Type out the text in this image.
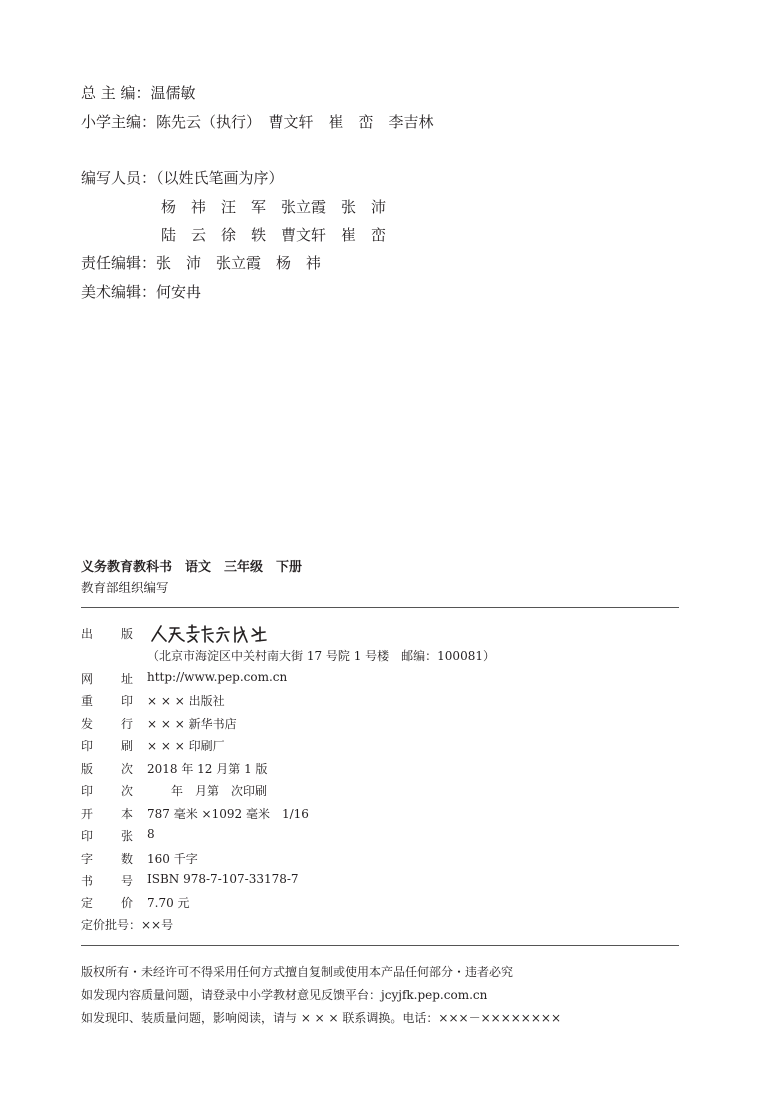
总 主 编：温儒敏
小学主编：陈先云（执行）　曹文轩　崔　峦　李吉林
编写人员：（以姓氏笔画为序）
杨　祎　汪　军　张立霞　张　沛
陆　云　徐　轶　曹文轩　崔　峦
责任编辑：张　沛　张立霞　杨　祎
美术编辑：何安冉
义务教育教科书　语文　三年级　下册
教育部组织编写
出 版
（北京市海淀区中关村南大街 17 号院 1 号楼　邮编：100081）
网 址 http://www.pep.com.cn
重 印 × × × 出版社
发 行 × × × 新华书店
印 刷 × × × 印刷厂
版 次 2018 年 12 月第 1 版
印 次 　　年　月第　次印刷
开 本 787 毫米 ×1092 毫米　1/16
印 张 8
字 数 160 千字
书 号 ISBN 978-7-107-33178-7
定 价 7.70 元
定价批号：××号
版权所有・未经许可不得采用任何方式擅自复制或使用本产品任何部分・违者必究
如发现内容质量问题，请登录中小学教材意见反馈平台：jcyjfk.pep.com.cn
如发现印、装质量问题，影响阅读，请与 × × × 联系调换。电话：×××－××××××××
